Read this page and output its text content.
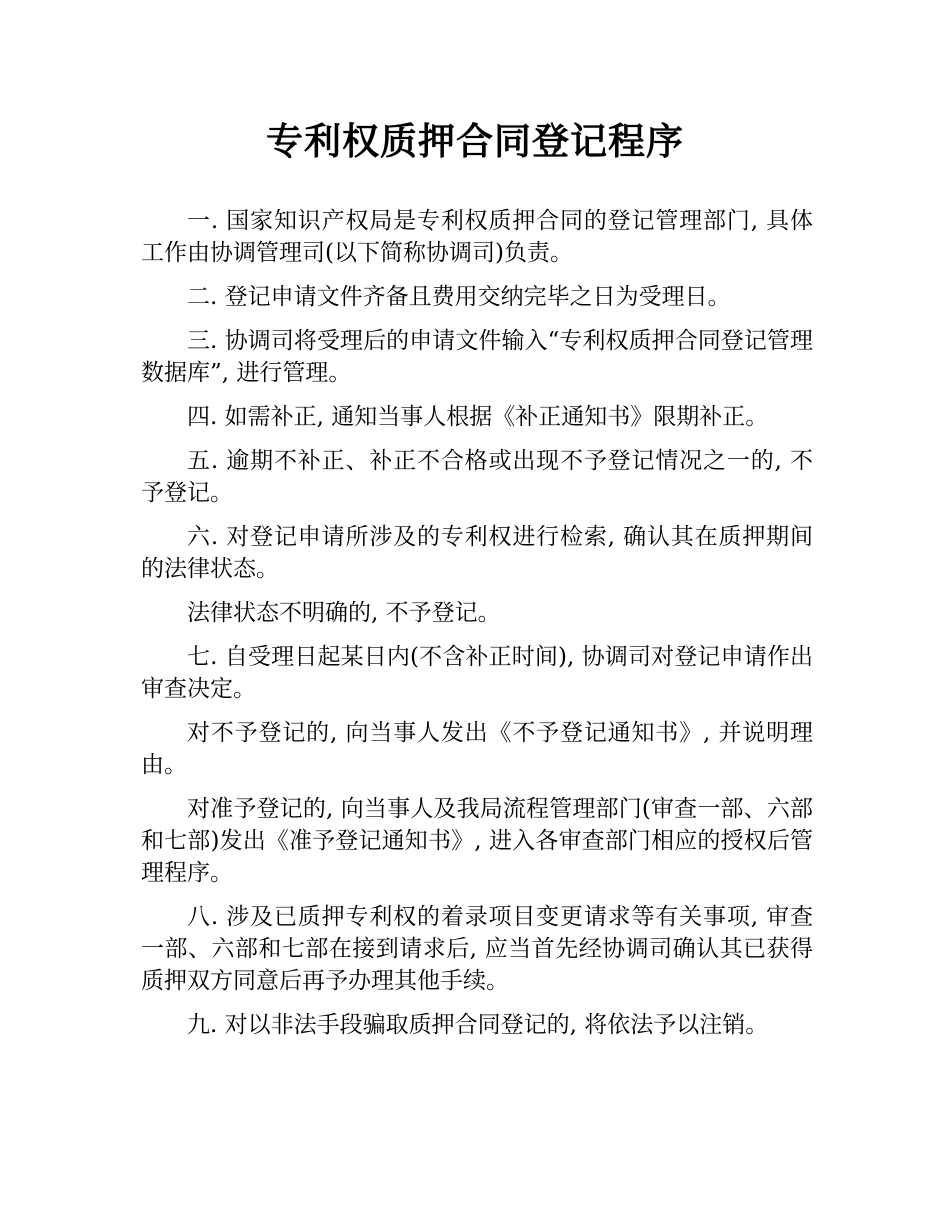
专利权质押合同登记程序

一. 国家知识产权局是专利权质押合同的登记管理部门, 具体工作由协调管理司(以下简称协调司)负责。

二. 登记申请文件齐备且费用交纳完毕之日为受理日。

三. 协调司将受理后的申请文件输入“专利权质押合同登记管理数据库”, 进行管理。

四. 如需补正, 通知当事人根据《补正通知书》限期补正。

五. 逾期不补正、补正不合格或出现不予登记情况之一的, 不予登记。

六. 对登记申请所涉及的专利权进行检索, 确认其在质押期间的法律状态。

法律状态不明确的, 不予登记。

七. 自受理日起某日内(不含补正时间), 协调司对登记申请作出审查决定。

对不予登记的, 向当事人发出《不予登记通知书》, 并说明理由。

对准予登记的, 向当事人及我局流程管理部门(审查一部、六部和七部)发出《准予登记通知书》, 进入各审查部门相应的授权后管理程序。

八. 涉及已质押专利权的着录项目变更请求等有关事项, 审查一部、六部和七部在接到请求后, 应当首先经协调司确认其已获得质押双方同意后再予办理其他手续。

九. 对以非法手段骗取质押合同登记的, 将依法予以注销。
